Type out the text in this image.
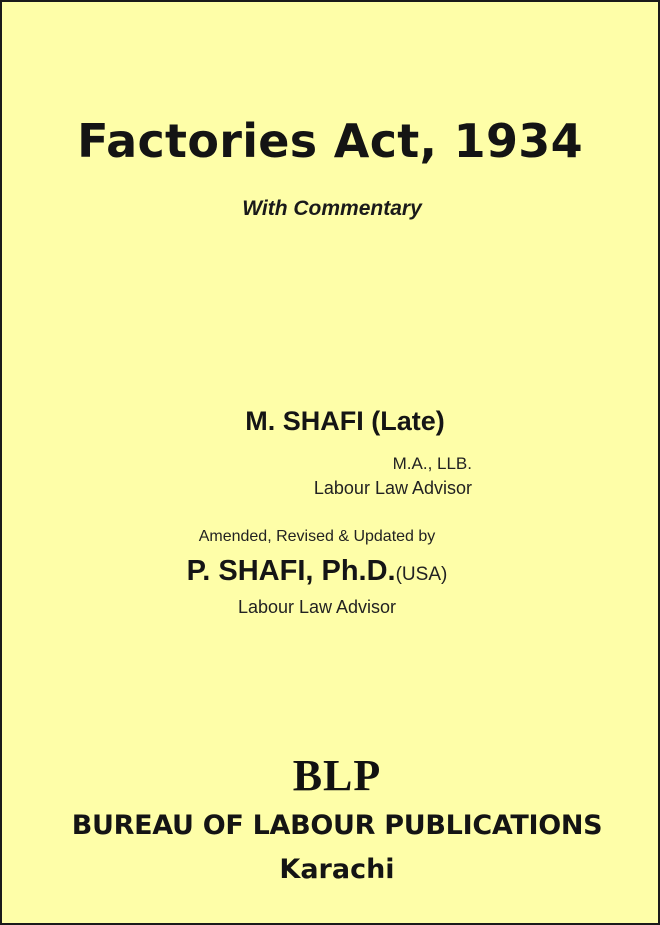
Factories Act, 1934
With Commentary
M. SHAFI (Late)
M.A., LLB.
Labour Law Advisor
Amended, Revised & Updated by
P. SHAFI, Ph.D.(USA)
Labour Law Advisor
BLP
BUREAU OF LABOUR PUBLICATIONS
Karachi
